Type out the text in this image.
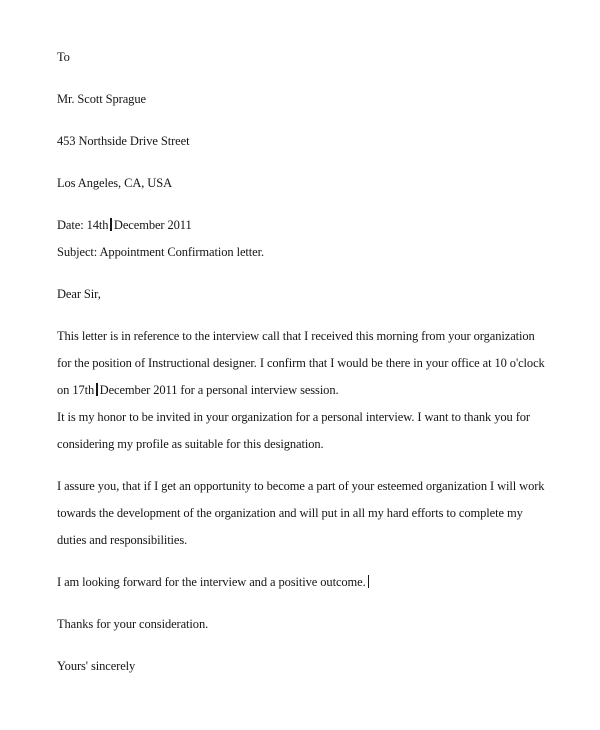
To

Mr. Scott Sprague

453 Northside Drive Street

Los Angeles, CA, USA

Date: 14th December 2011

Subject: Appointment Confirmation letter.

Dear Sir,

This letter is in reference to the interview call that I received this morning from your organization for the position of Instructional designer. I confirm that I would be there in your office at 10 o'clock on 17th December 2011 for a personal interview session.

It is my honor to be invited in your organization for a personal interview. I want to thank you for considering my profile as suitable for this designation.

I assure you, that if I get an opportunity to become a part of your esteemed organization I will work towards the development of the organization and will put in all my hard efforts to complete my duties and responsibilities.

I am looking forward for the interview and a positive outcome.

Thanks for your consideration.

Yours' sincerely
